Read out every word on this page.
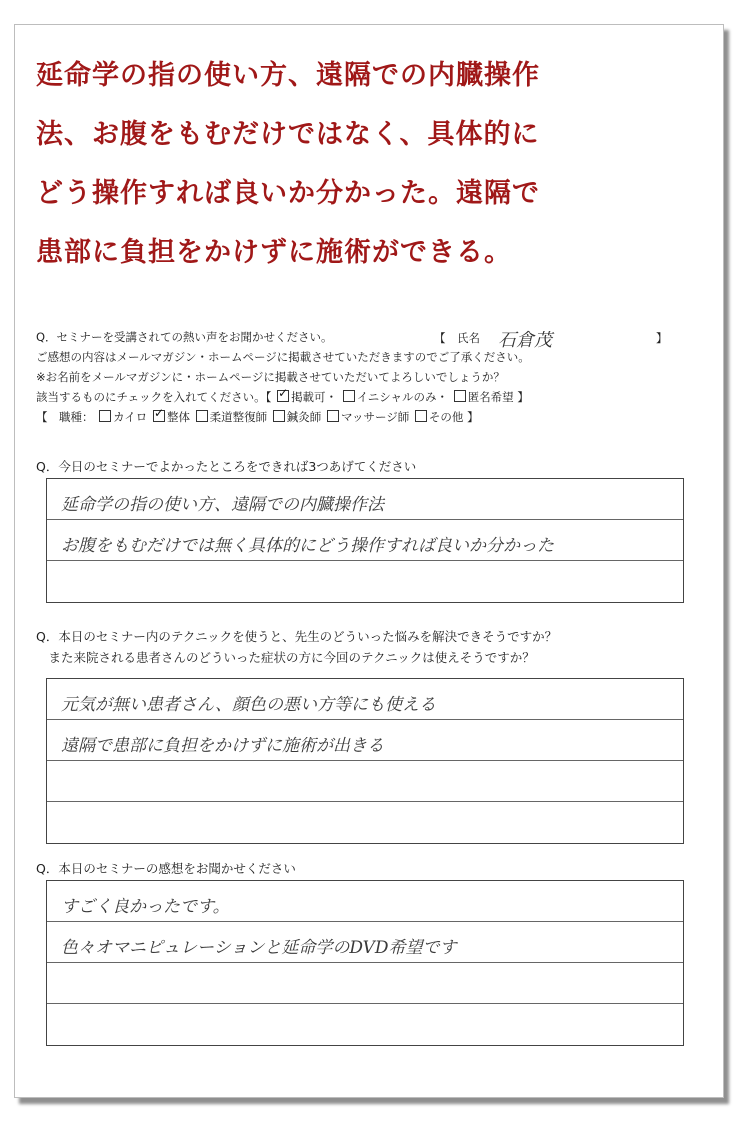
延命学の指の使い方、遠隔での内臓操作
法、お腹をもむだけではなく、具体的に
どう操作すれば良いか分かった。遠隔で
患部に負担をかけずに施術ができる。
Q．セミナーを受講されての熱い声をお聞かせください。	【　氏名 石倉茂	】
ご感想の内容はメールマガジン・ホームページに掲載させていただきますのでご了承ください。
※お名前をメールマガジンに・ホームページに掲載させていただいてよろしいでしょうか？
該当するものにチェックを入れてください。【 ✓ 掲載可・ イニシャルのみ・ 匿名希望 】
【　職種： カイロ ✓ 整体 柔道整復師 鍼灸師 マッサージ師 その他 】
Q．今日のセミナーでよかったところをできれば3つあげてください
延命学の指の使い方、遠隔での内臓操作法
お腹をもむだけでは無く具体的にどう操作すれば良いか分かった
Q．本日のセミナー内のテクニックを使うと、先生のどういった悩みを解決できそうですか？
　また来院される患者さんのどういった症状の方に今回のテクニックは使えそうですか？
元気が無い患者さん、顔色の悪い方等にも使える
遠隔で患部に負担をかけずに施術が出きる
Q．本日のセミナーの感想をお聞かせください
すごく良かったです。
色々オマニピュレーションと延命学のDVD希望です
